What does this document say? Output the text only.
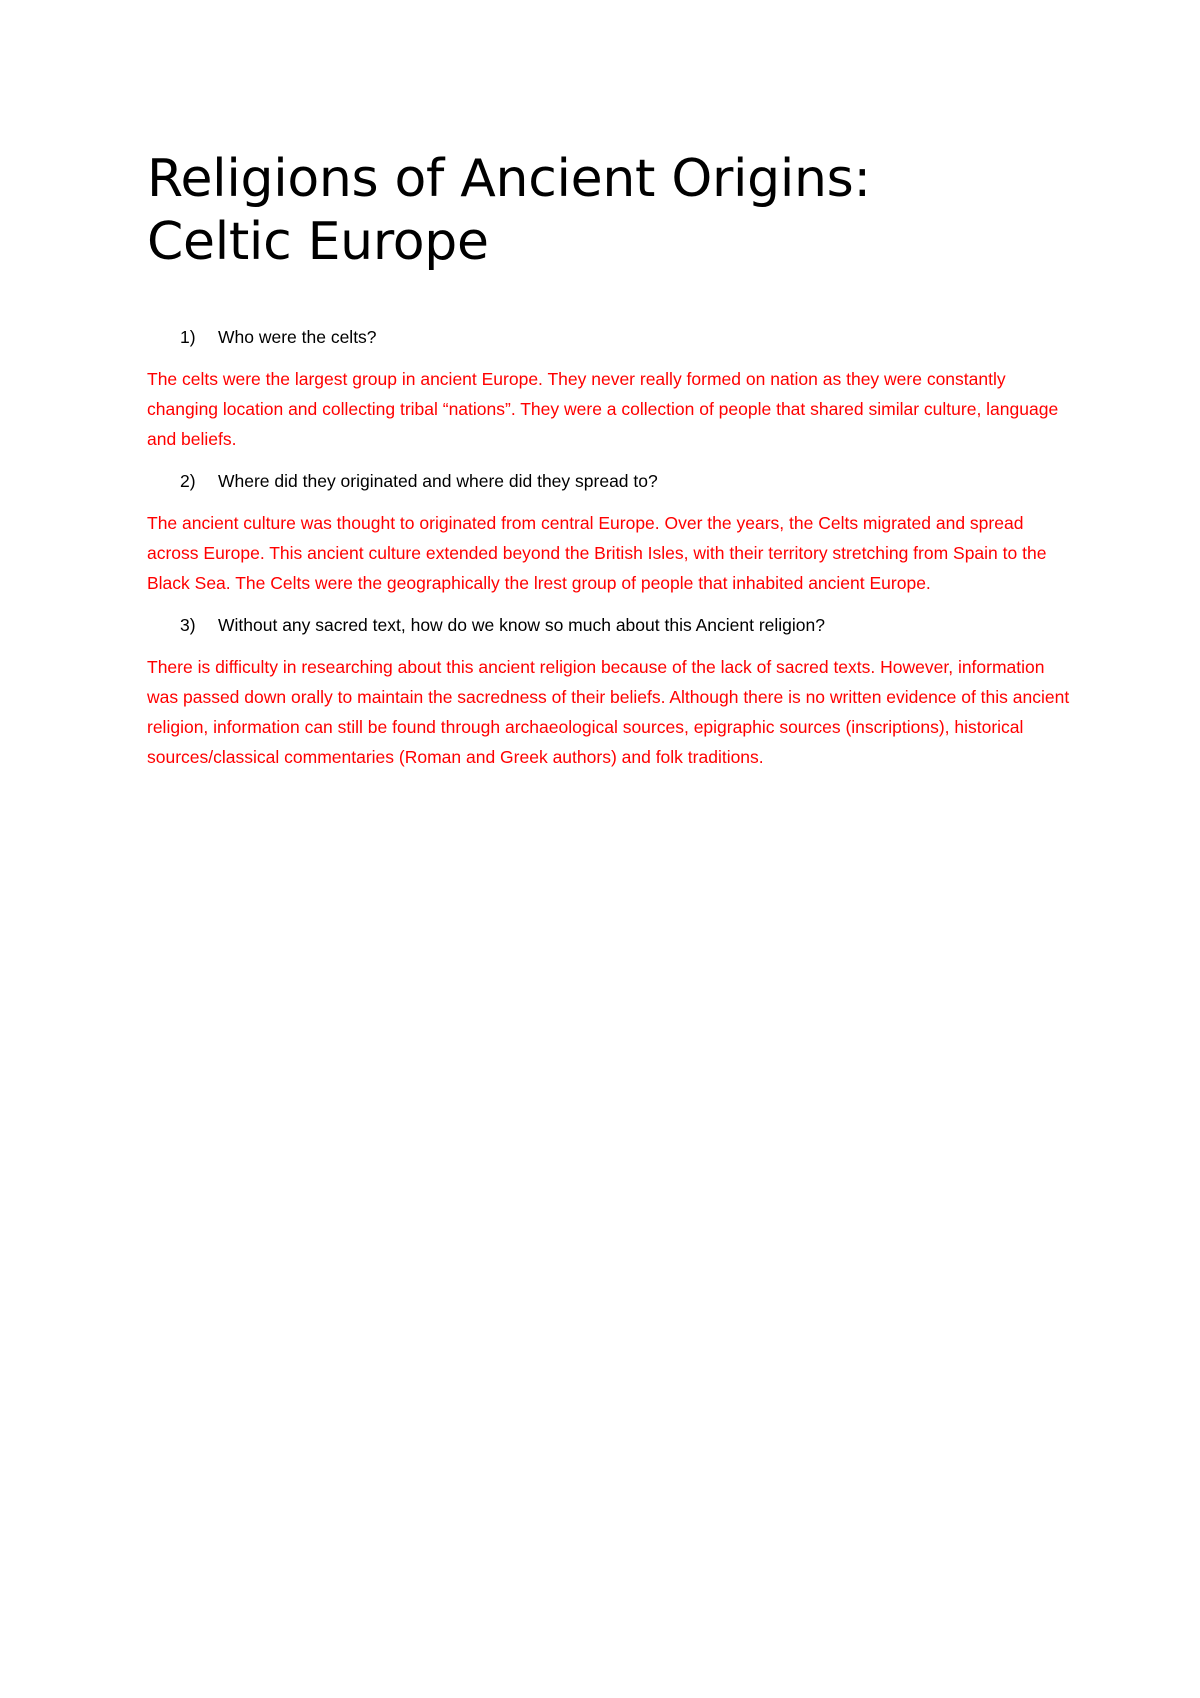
Religions of Ancient Origins:
Celtic Europe

1)	Who were the celts?

The celts were the largest group in ancient Europe. They never really formed on nation as they were constantly changing location and collecting tribal “nations”. They were a collection of people that shared similar culture, language and beliefs.

2)	Where did they originated and where did they spread to?

The ancient culture was thought to originated from central Europe. Over the years, the Celts migrated and spread across Europe. This ancient culture extended beyond the British Isles, with their territory stretching from Spain to the Black Sea. The Celts were the geographically the lrest group of people that inhabited ancient Europe.

3)	Without any sacred text, how do we know so much about this Ancient religion?

There is difficulty in researching about this ancient religion because of the lack of sacred texts. However, information was passed down orally to maintain the sacredness of their beliefs. Although there is no written evidence of this ancient religion, information can still be found through archaeological sources, epigraphic sources (inscriptions), historical sources/classical commentaries (Roman and Greek authors) and folk traditions.
